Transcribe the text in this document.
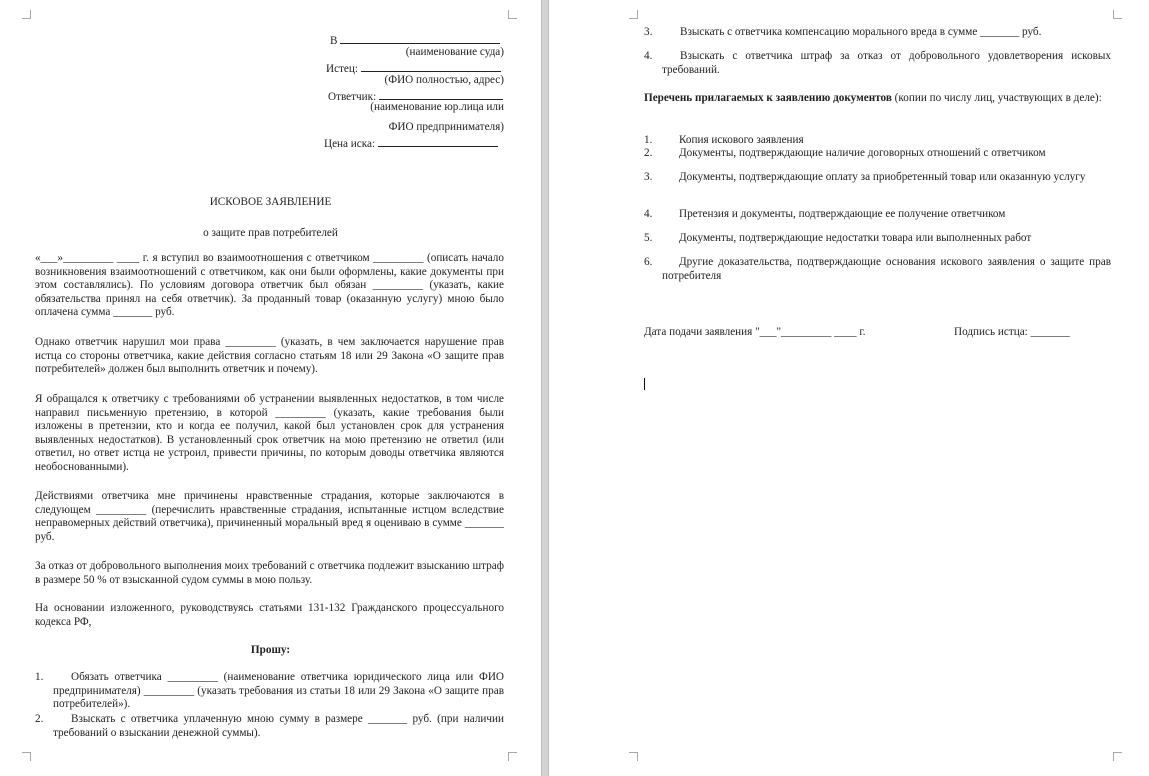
В
(наименование суда)
Истец:
(ФИО полностью, адрес)
Ответчик:
(наименование юр.лица или
ФИО предпринимателя)
Цена иска:
ИСКОВОЕ ЗАЯВЛЕНИЕ
о защите прав потребителей
«___»_________ ____ г. я вступил во взаимоотношения с ответчиком _________ (описать начало возникновения взаимоотношений с ответчиком, как они были оформлены, какие документы при этом составлялись). По условиям договора ответчик был обязан _________ (указать, какие обязательства принял на себя ответчик). За проданный товар (оказанную услугу) мною было оплачена сумма _______ руб.
Однако ответчик нарушил мои права _________ (указать, в чем заключается нарушение прав истца со стороны ответчика, какие действия согласно статьям 18 или 29 Закона «О защите прав потребителей» должен был выполнить ответчик и почему).
Я обращался к ответчику с требованиями об устранении выявленных недостатков, в том числе направил письменную претензию, в которой _________ (указать, какие требования были изложены в претензии, кто и когда ее получил, какой был установлен срок для устранения выявленных недостатков). В установленный срок ответчик на мою претензию не ответил (или ответил, но ответ истца не устроил, привести причины, по которым доводы ответчика являются необоснованными).
Действиями ответчика мне причинены нравственные страдания, которые заключаются в следующем _________ (перечислить нравственные страдания, испытанные истцом вследствие неправомерных действий ответчика), причиненный моральный вред я оцениваю в сумме _______ руб.
За отказ от добровольного выполнения моих требований с ответчика подлежит взысканию штраф в размере 50 % от взысканной судом суммы в мою пользу.
На основании изложенного, руководствуясь статьями 131-132 Гражданского процессуального кодекса РФ,
Прошу:
1.	Обязать ответчика _________ (наименование ответчика юридического лица или ФИО предпринимателя) _________ (указать требования из статьи 18 или 29 Закона «О защите прав потребителей»).
2.	Взыскать с ответчика уплаченную мною сумму в размере _______ руб. (при наличии требований о взыскании денежной суммы).
3.	Взыскать с ответчика компенсацию морального вреда в сумме _______ руб.
4.	Взыскать с ответчика штраф за отказ от добровольного удовлетворения исковых требований.
Перечень прилагаемых к заявлению документов (копии по числу лиц, участвующих в деле):
1. Копия искового заявления
2. Документы, подтверждающие наличие договорных отношений с ответчиком
3.	Документы, подтверждающие оплату за приобретенный товар или оказанную услугу
4. Претензия и документы, подтверждающие ее получение ответчиком
5. Документы, подтверждающие недостатки товара или выполненных работ
6.	Другие доказательства, подтверждающие основания искового заявления о защите прав потребителя
Дата подачи заявления "___"_________ ____ г.	Подпись истца: _______
